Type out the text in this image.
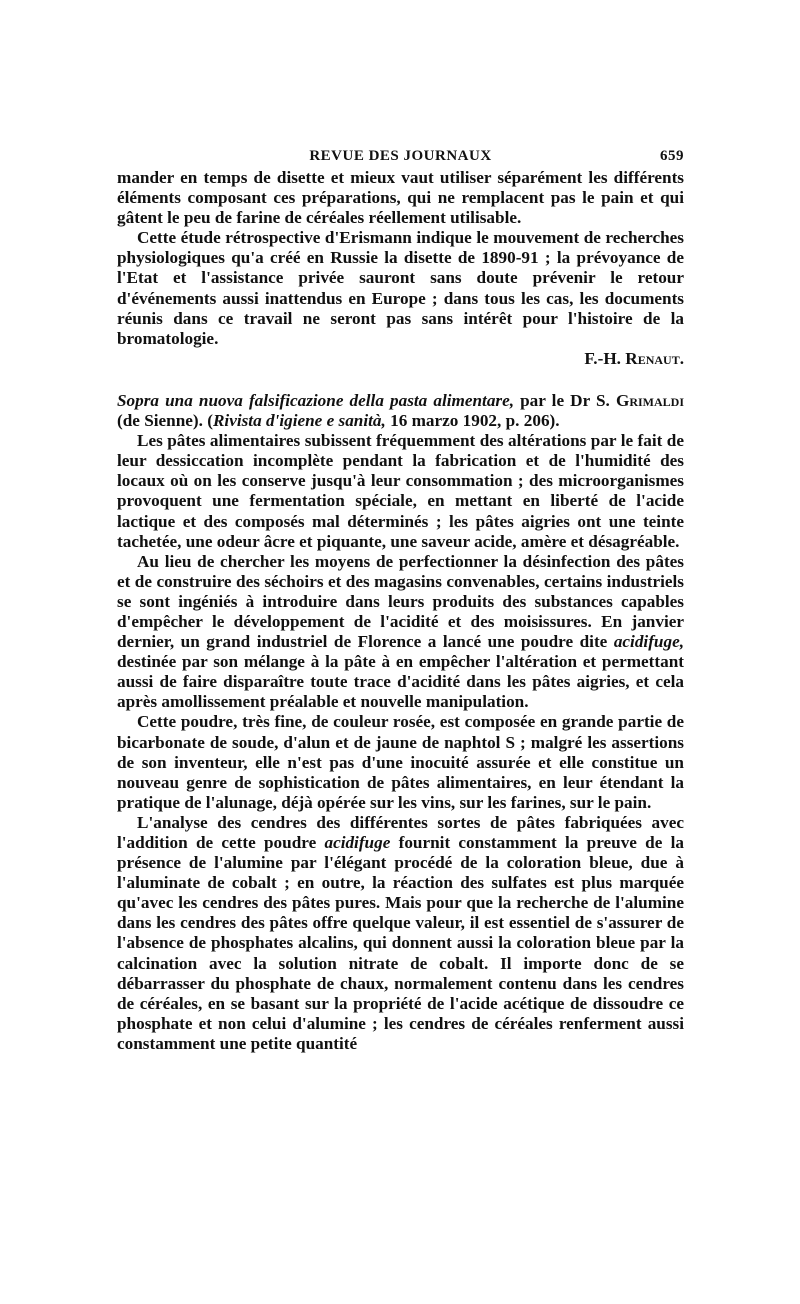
REVUE DES JOURNAUX	659

mander en temps de disette et mieux vaut utiliser séparément les différents éléments composant ces préparations, qui ne remplacent pas le pain et qui gâtent le peu de farine de céréales réellement utilisable.

Cette étude rétrospective d'Erismann indique le mouvement de recherches physiologiques qu'a créé en Russie la disette de 1890-91 ; la prévoyance de l'Etat et l'assistance privée sauront sans doute prévenir le retour d'événements aussi inattendus en Europe ; dans tous les cas, les documents réunis dans ce travail ne seront pas sans intérêt pour l'histoire de la bromatologie.

F.-H. Renaut.

Sopra una nuova falsificazione della pasta alimentare, par le Dr S. Grimaldi (de Sienne). (Rivista d'igiene e sanità, 16 marzo 1902, p. 206).

Les pâtes alimentaires subissent fréquemment des altérations par le fait de leur dessiccation incomplète pendant la fabrication et de l'humidité des locaux où on les conserve jusqu'à leur consommation ; des microorganismes provoquent une fermentation spéciale, en mettant en liberté de l'acide lactique et des composés mal déterminés ; les pâtes aigries ont une teinte tachetée, une odeur âcre et piquante, une saveur acide, amère et désagréable.

Au lieu de chercher les moyens de perfectionner la désinfection des pâtes et de construire des séchoirs et des magasins convenables, certains industriels se sont ingéniés à introduire dans leurs produits des substances capables d'empêcher le développement de l'acidité et des moisissures. En janvier dernier, un grand industriel de Florence a lancé une poudre dite acidifuge, destinée par son mélange à la pâte à en empêcher l'altération et permettant aussi de faire disparaître toute trace d'acidité dans les pâtes aigries, et cela après amollissement préalable et nouvelle manipulation.

Cette poudre, très fine, de couleur rosée, est composée en grande partie de bicarbonate de soude, d'alun et de jaune de naphtol S ; malgré les assertions de son inventeur, elle n'est pas d'une inocuité assurée et elle constitue un nouveau genre de sophistication de pâtes alimentaires, en leur étendant la pratique de l'alunage, déjà opérée sur les vins, sur les farines, sur le pain.

L'analyse des cendres des différentes sortes de pâtes fabriquées avec l'addition de cette poudre acidifuge fournit constamment la preuve de la présence de l'alumine par l'élégant procédé de la coloration bleue, due à l'aluminate de cobalt ; en outre, la réaction des sulfates est plus marquée qu'avec les cendres des pâtes pures. Mais pour que la recherche de l'alumine dans les cendres des pâtes offre quelque valeur, il est essentiel de s'assurer de l'absence de phosphates alcalins, qui donnent aussi la coloration bleue par la calcination avec la solution nitrate de cobalt. Il importe donc de se débarrasser du phosphate de chaux, normalement contenu dans les cendres de céréales, en se basant sur la propriété de l'acide acétique de dissoudre ce phosphate et non celui d'alumine ; les cendres de céréales renferment aussi constamment une petite quantité
